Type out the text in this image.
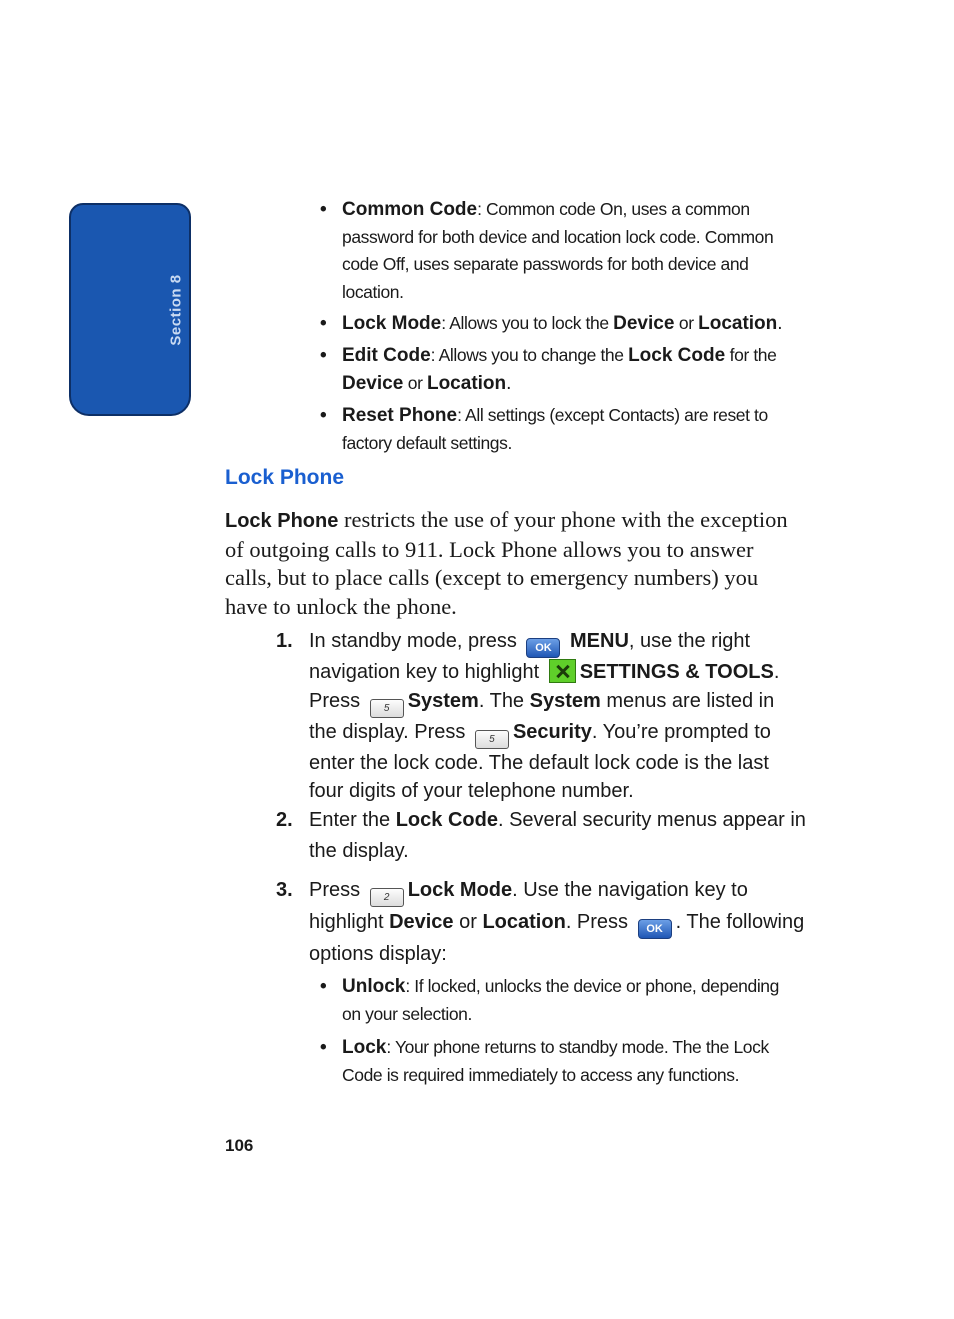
Section 8
• Common Code: Common code On, uses a common password for both device and location lock code. Common code Off, uses separate passwords for both device and location.
• Lock Mode: Allows you to lock the Device or Location.
• Edit Code: Allows you to change the Lock Code for the Device or Location.
• Reset Phone: All settings (except Contacts) are reset to factory default settings.
Lock Phone
Lock Phone restricts the use of your phone with the exception of outgoing calls to 911. Lock Phone allows you to answer calls, but to place calls (except to emergency numbers) you have to unlock the phone.
1. In standby mode, press OK MENU, use the right navigation key to highlight SETTINGS & TOOLS. Press 5 System. The System menus are listed in the display. Press 5 Security. You’re prompted to enter the lock code. The default lock code is the last four digits of your telephone number.
2. Enter the Lock Code. Several security menus appear in the display.
3. Press 2 Lock Mode. Use the navigation key to highlight Device or Location. Press OK . The following options display:
• Unlock: If locked, unlocks the device or phone, depending on your selection.
• Lock: Your phone returns to standby mode. The the Lock Code is required immediately to access any functions.
106
